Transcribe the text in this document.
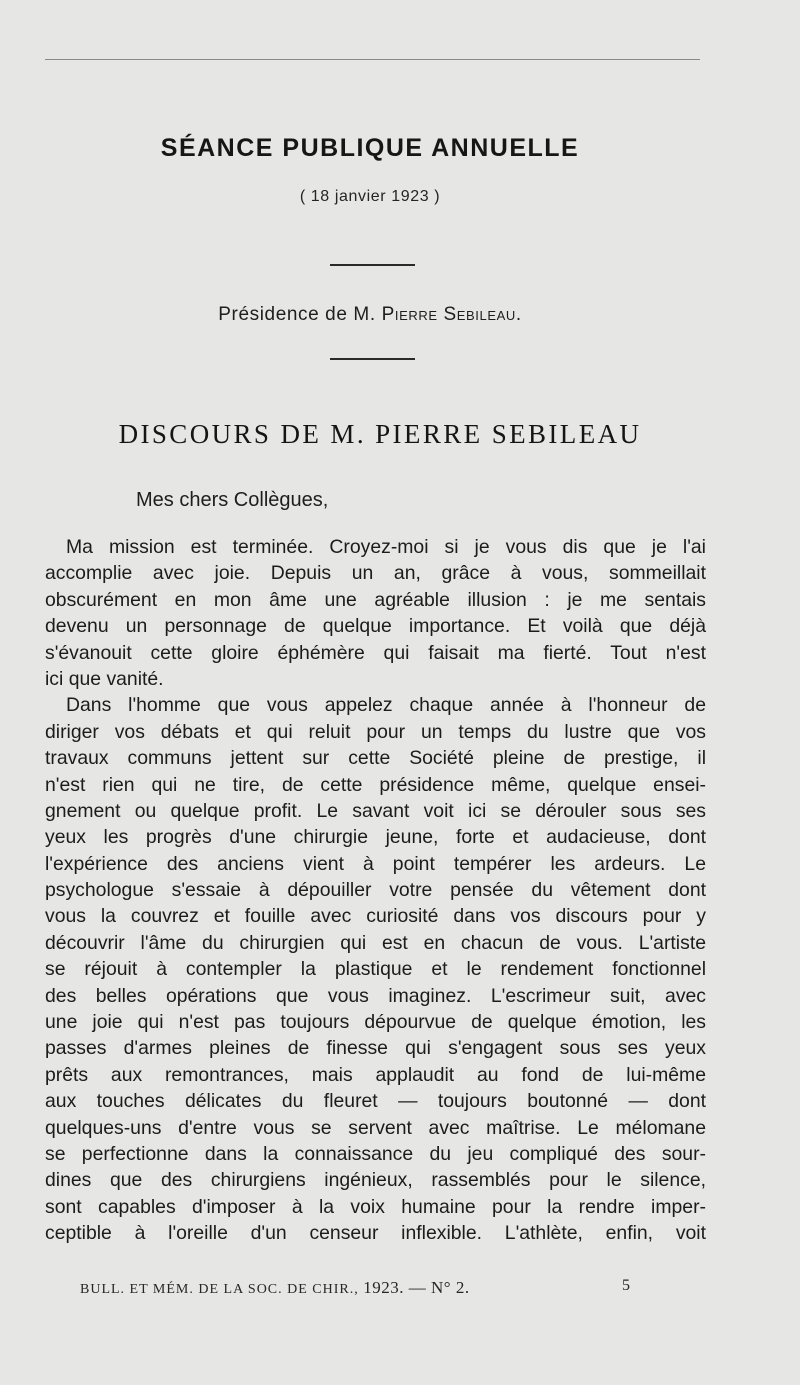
SÉANCE PUBLIQUE ANNUELLE
( 18 janvier 1923 )
Présidence de M. Pierre Sebileau.
DISCOURS DE M. PIERRE SEBILEAU
Mes chers Collègues,
Ma mission est terminée. Croyez-moi si je vous dis que je l'ai
accomplie avec joie. Depuis un an, grâce à vous, sommeillait
obscurément en mon âme une agréable illusion : je me sentais
devenu un personnage de quelque importance. Et voilà que déjà
s'évanouit cette gloire éphémère qui faisait ma fierté. Tout n'est
ici que vanité.
Dans l'homme que vous appelez chaque année à l'honneur de
diriger vos débats et qui reluit pour un temps du lustre que vos
travaux communs jettent sur cette Société pleine de prestige, il
n'est rien qui ne tire, de cette présidence même, quelque ensei-
gnement ou quelque profit. Le savant voit ici se dérouler sous ses
yeux les progrès d'une chirurgie jeune, forte et audacieuse, dont
l'expérience des anciens vient à point tempérer les ardeurs. Le
psychologue s'essaie à dépouiller votre pensée du vêtement dont
vous la couvrez et fouille avec curiosité dans vos discours pour y
découvrir l'âme du chirurgien qui est en chacun de vous. L'artiste
se réjouit à contempler la plastique et le rendement fonctionnel
des belles opérations que vous imaginez. L'escrimeur suit, avec
une joie qui n'est pas toujours dépourvue de quelque émotion, les
passes d'armes pleines de finesse qui s'engagent sous ses yeux
prêts aux remontrances, mais applaudit au fond de lui-même
aux touches délicates du fleuret — toujours boutonné — dont
quelques-uns d'entre vous se servent avec maîtrise. Le mélomane
se perfectionne dans la connaissance du jeu compliqué des sour-
dines que des chirurgiens ingénieux, rassemblés pour le silence,
sont capables d'imposer à la voix humaine pour la rendre imper-
ceptible à l'oreille d'un censeur inflexible. L'athlète, enfin, voit
BULL. ET MÉM. DE LA SOC. DE CHIR., 1923. — N° 2.	5
